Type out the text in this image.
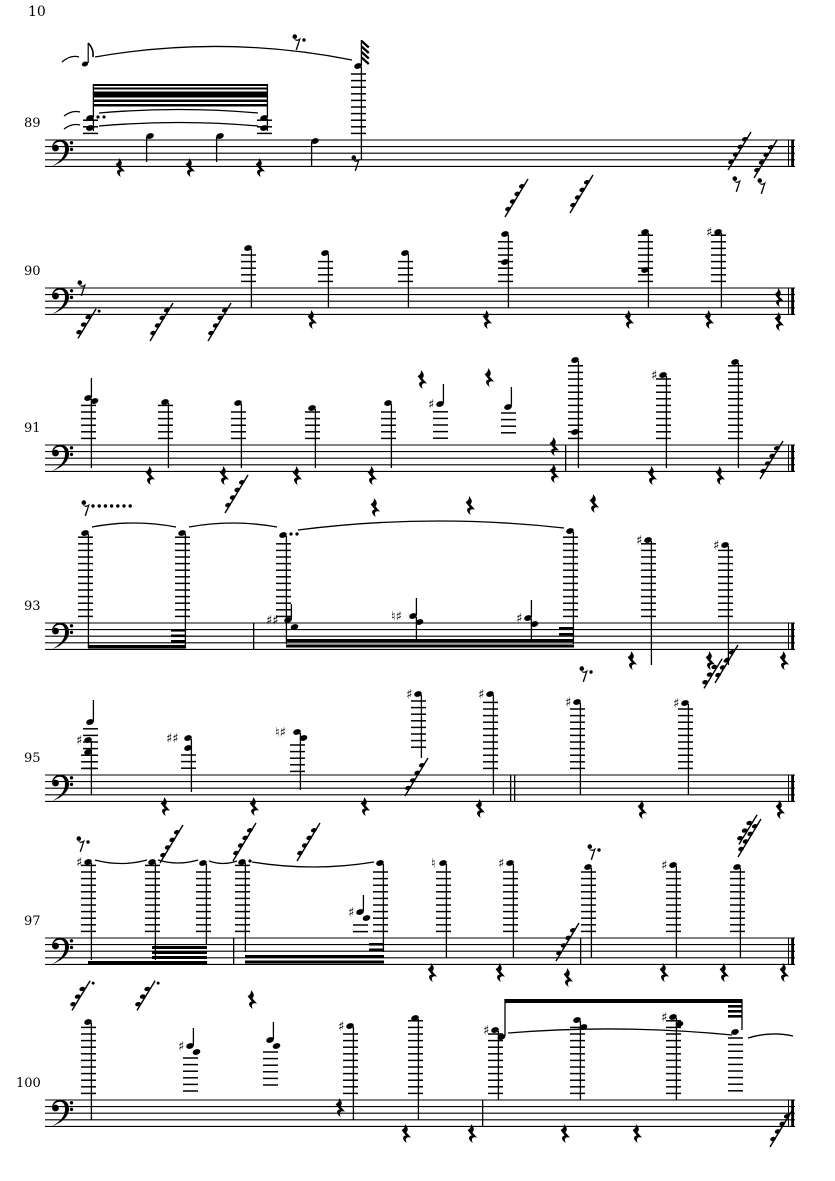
10
89
90
♯
91
♯
♯
93
♯♯	♮♯	♯
♯	♯
95
♯	♯♯	♮♯
♯	♯
♯	♯
97
♯
♯
♮	♯	♯
100
♯
♯	♯
♯
